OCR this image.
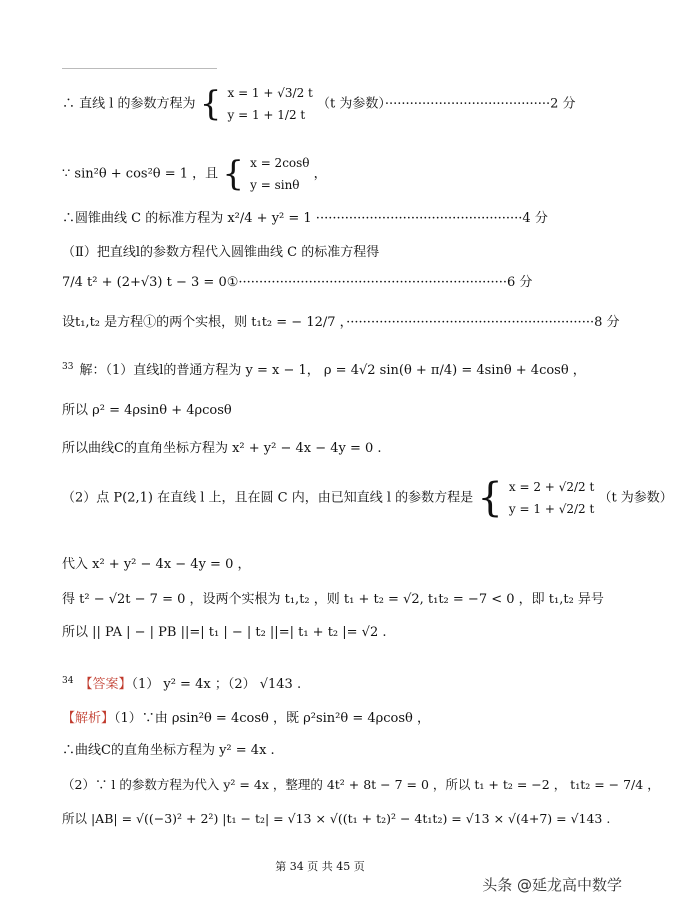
∴ 直线 l 的参数方程为 { x = 1 + √3/2 t
y = 1 + 1/2 t
（t 为参数）········································2 分
∵ sin²θ + cos²θ = 1 ，且 { x = 2cosθ
y = sinθ
，
∴圆锥曲线 C 的标准方程为 x²/4 + y² = 1 ··················································4 分
（Ⅱ）把直线l的参数方程代入圆锥曲线 C 的标准方程得
7/4 t² + (2+√3) t − 3 = 0①·································································6 分
设t₁,t₂ 是方程①的两个实根，则 t₁t₂ = − 12/7 ，····························································8 分
$^{33}$ 解：（1）直线l的普通方程为 y = x − 1， ρ = 4√2 sin(θ + π/4) = 4sinθ + 4cosθ ，
所以 ρ² = 4ρsinθ + 4ρcosθ
所以曲线C的直角坐标方程为 x² + y² − 4x − 4y = 0 .
（2）点 P(2,1) 在直线 l 上，且在圆 C 内，由已知直线 l 的参数方程是 { x = 2 + √2/2 t
y = 1 + √2/2 t
（t 为参数）
代入 x² + y² − 4x − 4y = 0 ，
得 t² − √2t − 7 = 0 ，设两个实根为 t₁,t₂ ，则 t₁ + t₂ = √2, t₁t₂ = −7 < 0 ，即 t₁,t₂ 异号
所以 || PA | − | PB ||=| t₁ | − | t₂ ||=| t₁ + t₂ |= √2 .
$^{34}$ 【答案】（1） y² = 4x ；（2） √143 .
【解析】（1）∵由 ρsin²θ = 4cosθ ，既 ρ²sin²θ = 4ρcosθ ，
∴曲线C的直角坐标方程为 y² = 4x .
（2）∵ l 的参数方程为代入 y² = 4x ，整理的 4t² + 8t − 7 = 0 ，所以 t₁ + t₂ = −2 ， t₁t₂ = − 7/4 ，
所以 |AB| = √((−3)² + 2²) |t₁ − t₂| = √13 × √((t₁ + t₂)² − 4t₁t₂) = √13 × √(4+7) = √143 .
第 34 页 共 45 页
头条 @延龙高中数学
